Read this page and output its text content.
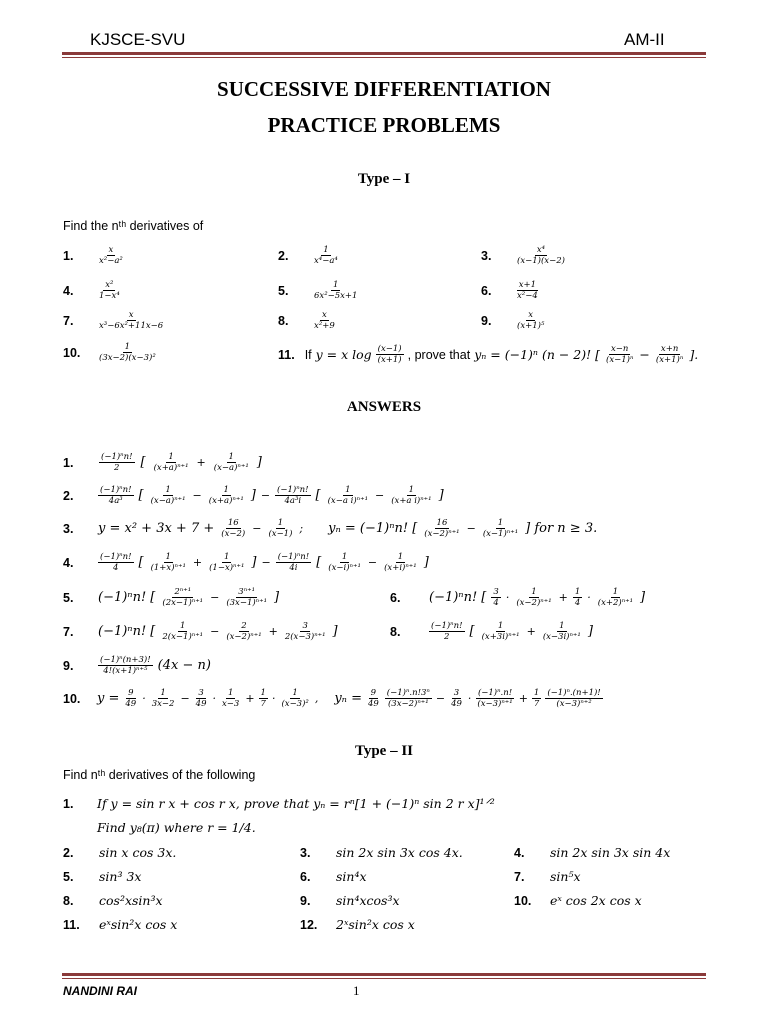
KJSCE-SVU	AM-II
SUCCESSIVE DIFFERENTIATION
PRACTICE PROBLEMS
Type – I
Find the nᵗʰ derivatives of
1.	$\frac{x}{\text{x²−a²}}$	2.	$\frac{1}{\text{x⁴−a⁴}}$	3.	$\frac{\text{x⁴}}{(x-1)(x-2)}$
4.	$\frac{\text{x²}}{\text{1−x⁴}}$	5.	$\frac{1}{\text{6x²−5x+1}}$	6.	$\frac{x+1}{\text{x²−4}}$
7.	$\frac{x}{\text{x³−6x²+11x−6}}$	8.	$\frac{x}{\text{x²+9}}$	9.	$\frac{x}{\text{(x+1)⁵}}$
10.	$\frac{1}{\text{(3x−2)(x−3)²}}$	11. If y = x $\log \frac{(x-1)}{(x+1)}$ , prove that yₙ = (−1)ⁿ (n − 2)! [ $\frac{x-n}{\text{(x−1)ⁿ}} - \frac{x+n}{\text{(x+1)ⁿ}}$ ].
ANSWERS
1.	$\frac{\text{(−1)ⁿn!}}{2}$ [ $\frac{1}{\text{(x+a)ⁿ⁺¹}} + \frac{1}{\text{(x−a)ⁿ⁺¹}}$ ]
2.	$\frac{\text{(−1)ⁿn!}}{\text{4a³}}$ [ $\frac{1}{\text{(x−a)ⁿ⁺¹}} - \frac{1}{\text{(x+a)ⁿ⁺¹}}$ ] − $\frac{\text{(−1)ⁿn!}}{\text{4a³i}}$ [ $\frac{1}{\text{(x−a i)ⁿ⁺¹}} - \frac{1}{\text{(x+a i)ⁿ⁺¹}}$ ]
3.	$y = x^2 + 3x + 7 + \frac{16}{(x-2)} - \frac{1}{(x-1)}$ ; yₙ = (−1)ⁿn! [ $\frac{16}{\text{(x−2)ⁿ⁺¹}} - \frac{1}{\text{(x−1)ⁿ⁺¹}}$ ] for n ≥ 3.
4.	$\frac{\text{(−1)ⁿn!}}{4}$ [ $\frac{1}{\text{(1+x)ⁿ⁺¹}} + \frac{1}{\text{(1−x)ⁿ⁺¹}}$ ] − $\frac{\text{(−1)ⁿn!}}{4i}$ [ $\frac{1}{\text{(x−i)ⁿ⁺¹}} - \frac{1}{\text{(x+i)ⁿ⁺¹}}$ ]
5.	(−1)ⁿn! [ $\frac{\text{2ⁿ⁺¹}}{\text{(2x−1)ⁿ⁺¹}} - \frac{\text{3ⁿ⁺¹}}{\text{(3x−1)ⁿ⁺¹}}$ ]	6.	(−1)ⁿn! [ $\frac{3}{4} \cdot \frac{1}{\text{(x−2)ⁿ⁺¹}} + \frac{1}{4} \cdot \frac{1}{\text{(x+2)ⁿ⁺¹}}$ ]
7.	(−1)ⁿn! [ $\frac{1}{\text{2(x−1)ⁿ⁺¹}} - \frac{2}{\text{(x−2)ⁿ⁺¹}} + \frac{3}{\text{2(x−3)ⁿ⁺¹}}$ ]	8.	$\frac{\text{(−1)ⁿn!}}{2}$ [ $\frac{1}{\text{(x+3i)ⁿ⁺¹}} + \frac{1}{\text{(x−3i)ⁿ⁺¹}}$ ]
9.	$\frac{\text{(−1)ⁿ(n+3)!}}{\text{4!(x+1)ⁿ⁺⁵}} (4x - n)$
10.	$y = \frac{9}{49} \cdot \frac{1}{3x-2} - \frac{3}{49} \cdot \frac{1}{x-3} + \frac{1}{7} \cdot \frac{1}{\text{(x−3)²}}$ , $y_n = \frac{9}{49} \frac{\text{(−1)ⁿ.n!3ⁿ}}{\text{(3x−2)ⁿ⁺¹}} - \frac{3}{49} \cdot \frac{\text{(−1)ⁿ.n!}}{\text{(x−3)ⁿ⁺¹}} + \frac{1}{7} \frac{\text{(−1)ⁿ.(n+1)!}}{\text{(x−3)ⁿ⁺²}}$
Type – II
Find nᵗʰ derivatives of the following
1.	If y = sin r x + cos r x, prove that yₙ = rⁿ[1 + (−1)ⁿ sin 2 r x]¹ᐟ²
Find y₈(π) where r = 1/4.
2.	sin x cos 3x.	3.	sin 2x sin 3x cos 4x.	4.	sin 2x sin 3x sin 4x
5.	sin³ 3x	6.	sin⁴x	7.	sin⁵x
8.	cos²xsin³x	9.	sin⁴xcos³x	10.	eˣ cos 2x cos x
11.	eˣsin²x cos x	12.	2ˣsin²x cos x
NANDINI RAI	1
